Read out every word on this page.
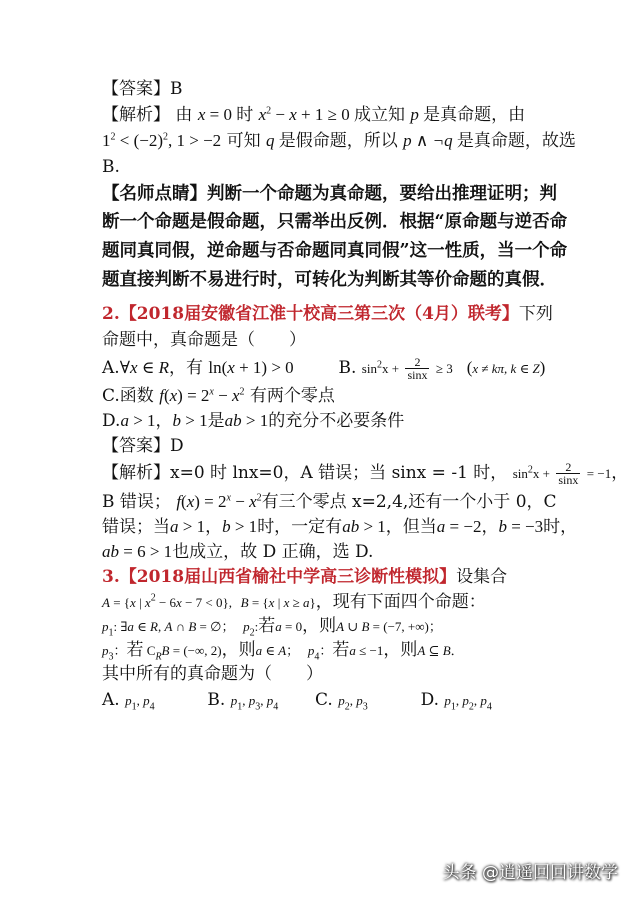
【答案】B
【解析】 由 x = 0 时 $x^2 - x + 1 \ge 0$ 成立知 p 是真命题，由
$1^2 < (-2)^2$, 1 > −2 可知 q 是假命题，所以 p ∧ ¬q 是真命题，故选
B.
【名师点睛】判断一个命题为真命题，要给出推理证明；判
断一个命题是假命题，只需举出反例．根据“原命题与逆否命
题同真同假，逆命题与否命题同真同假”这一性质，当一个命
题直接判断不易进行时，可转化为判断其等价命题的真假．
2.【2018届安徽省江淮十校高三第三次（4月）联考】下列
命题中，真命题是（　　）
A.∀x ∈ R，有 ln(x + 1) > 0	B. $\sin^2x + \frac{2}{\sin x} \ge 3$   (x ≠ kπ, k ∈ Z)
C.函数 $f(x) = 2^x - x^2$ 有两个零点
D.a > 1，b > 1是ab > 1的充分不必要条件
【答案】D
【解析】x=0 时 lnx=0，A 错误；当 sinx = -1 时， $\sin^2x + \frac{2}{\sin x} = -1$，
B 错误； $f(x) = 2^x - x^2$有三个零点 x=2,4,还有一个小于 0，C
错误；当a > 1，b > 1时，一定有ab > 1，但当a = −2，b = −3时，
ab = 6 > 1也成立，故 D 正确，选 D.
3.【2018届山西省榆社中学高三诊断性模拟】设集合
A = {x | $x^2 - 6x - 7 < 0$},  B = {x | x ≥ a}，现有下面四个命题：
$p_1$: ∃a ∈ R, A ∩ B = ∅；  $p_2$:若a = 0，则A ∪ B = (−7, +∞)；
$p_3$：若 $C_RB$ = (−∞, 2)，则a ∈ A；  $p_4$：若a ≤ −1，则A ⊆ B．
其中所有的真命题为（　　）
A. $p_1$, $p_4$	B. $p_1$, $p_3$, $p_4$ C. $p_2$, $p_3$	D. $p_1$, $p_2$, $p_4$
头条 @逍遥回回讲数学
